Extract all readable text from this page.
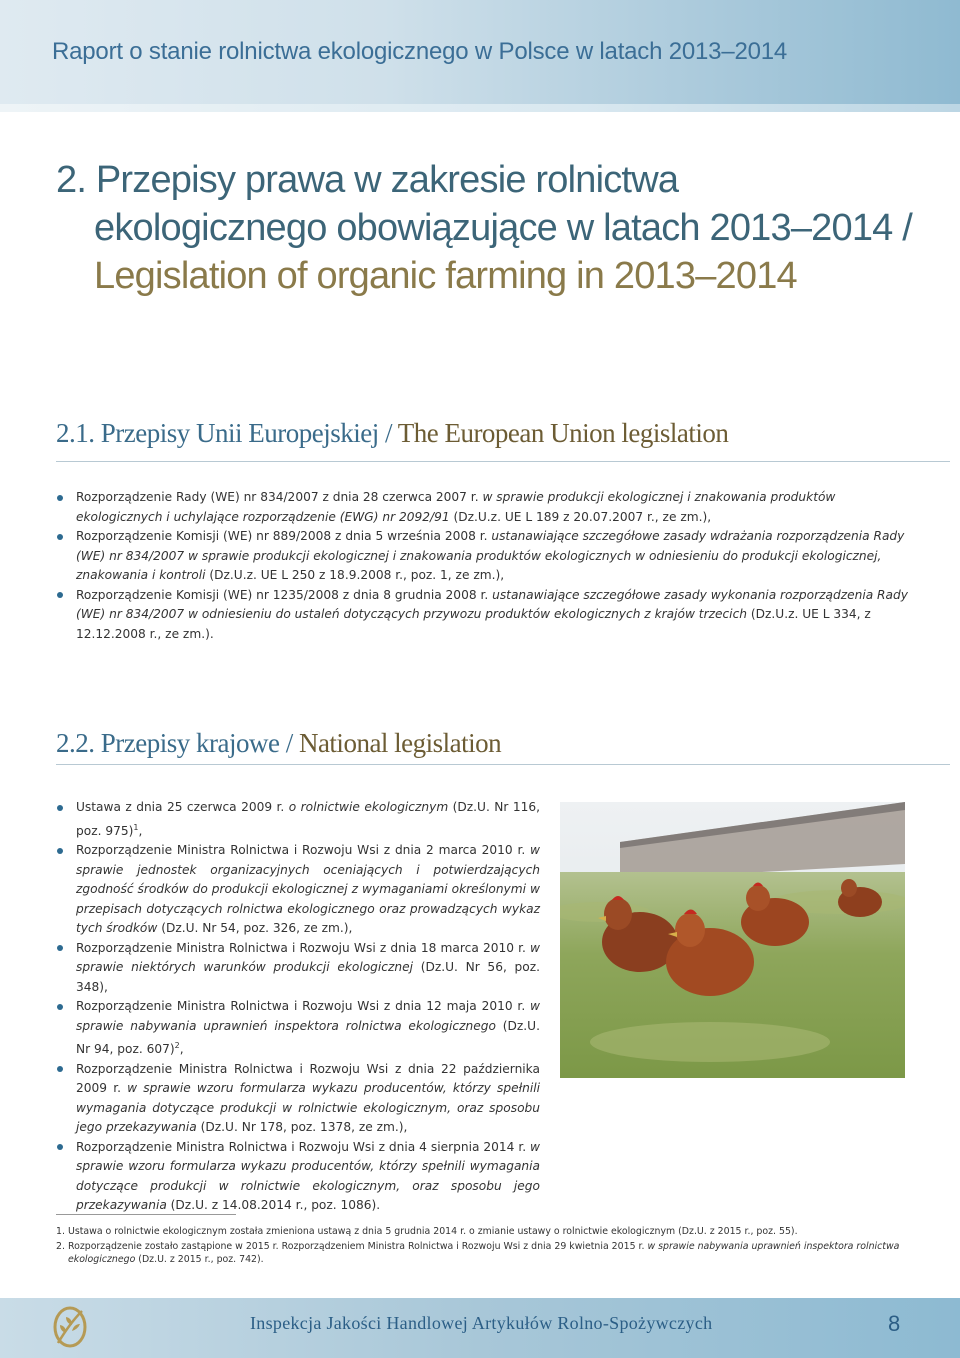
Raport o stanie rolnictwa ekologicznego w Polsce w latach 2013–2014
2. Przepisy prawa w zakresie rolnictwa
ekologicznego obowiązujące w latach 2013–2014 /
Legislation of organic farming in 2013–2014
2.1. Przepisy Unii Europejskiej / The European Union legislation
Rozporządzenie Rady (WE) nr 834/2007 z dnia 28 czerwca 2007 r. w sprawie produkcji ekologicznej i znakowania produktów ekologicznych i uchylające rozporządzenie (EWG) nr 2092/91 (Dz.U.z. UE L 189 z 20.07.2007 r., ze zm.),
Rozporządzenie Komisji (WE) nr 889/2008 z dnia 5 września 2008 r. ustanawiające szczegółowe zasady wdrażania rozporządzenia Rady (WE) nr 834/2007 w sprawie produkcji ekologicznej i znakowania produktów ekologicznych w odniesieniu do produkcji ekologicznej, znakowania i kontroli (Dz.U.z. UE L 250 z 18.9.2008 r., poz. 1, ze zm.),
Rozporządzenie Komisji (WE) nr 1235/2008 z dnia 8 grudnia 2008 r. ustanawiające szczegółowe zasady wykonania rozporządzenia Rady (WE) nr 834/2007 w odniesieniu do ustaleń dotyczących przywozu produktów ekologicznych z krajów trzecich (Dz.U.z. UE L 334, z 12.12.2008 r., ze zm.).
2.2. Przepisy krajowe / National legislation
Ustawa z dnia 25 czerwca 2009 r. o rolnictwie ekologicznym (Dz.U. Nr 116, poz. 975)$^1$,
Rozporządzenie Ministra Rolnictwa i Rozwoju Wsi z dnia 2 marca 2010 r. w sprawie jednostek organizacyjnych oceniających i potwierdzających zgodność środków do produkcji ekologicznej z wymaganiami określonymi w przepisach dotyczących rolnictwa ekologicznego oraz prowadzących wykaz tych środków (Dz.U. Nr 54, poz. 326, ze zm.),
Rozporządzenie Ministra Rolnictwa i Rozwoju Wsi z dnia 18 marca 2010 r. w sprawie niektórych warunków produkcji ekologicznej (Dz.U. Nr 56, poz. 348),
Rozporządzenie Ministra Rolnictwa i Rozwoju Wsi z dnia 12 maja 2010 r. w sprawie nabywania uprawnień inspektora rolnictwa ekologicznego (Dz.U. Nr 94, poz. 607)$^2$,
Rozporządzenie Ministra Rolnictwa i Rozwoju Wsi z dnia 22 października 2009 r. w sprawie wzoru formularza wykazu producentów, którzy spełnili wymagania dotyczące produkcji w rolnictwie ekologicznym, oraz sposobu jego przekazywania (Dz.U. Nr 178, poz. 1378, ze zm.),
Rozporządzenie Ministra Rolnictwa i Rozwoju Wsi z dnia 4 sierpnia 2014 r. w sprawie wzoru formularza wykazu producentów, którzy spełnili wymagania dotyczące produkcji w rolnictwie ekologicznym, oraz sposobu jego przekazywania (Dz.U. z 14.08.2014 r., poz. 1086).
1. Ustawa o rolnictwie ekologicznym została zmieniona ustawą z dnia 5 grudnia 2014 r. o zmianie ustawy o rolnictwie ekologicznym (Dz.U. z 2015 r., poz. 55).
2. Rozporządzenie zostało zastąpione w 2015 r. Rozporządzeniem Ministra Rolnictwa i Rozwoju Wsi z dnia 29 kwietnia 2015 r. w sprawie nabywania uprawnień inspektora rolnictwa ekologicznego (Dz.U. z 2015 r., poz. 742).
Inspekcja Jakości Handlowej Artykułów Rolno-Spożywczych	8
